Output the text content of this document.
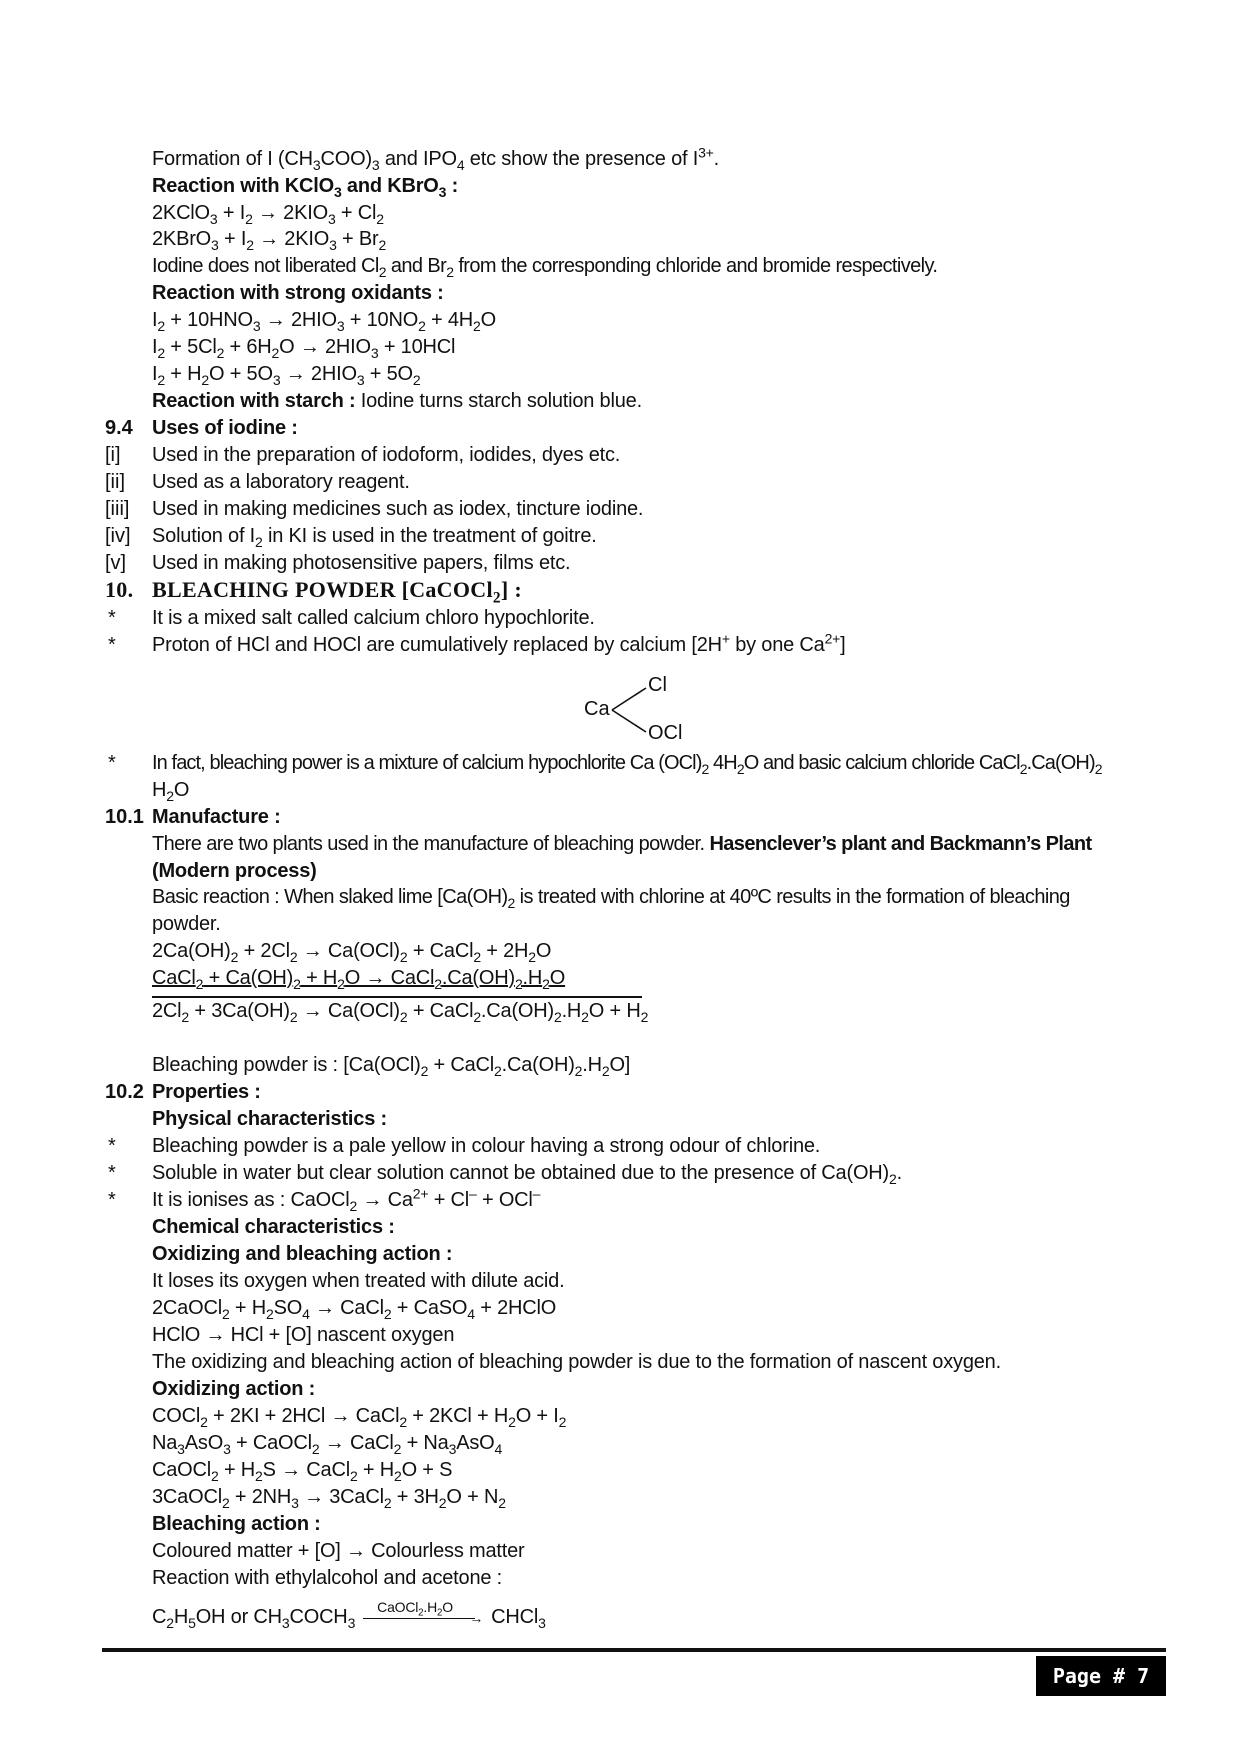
Formation of I $(CH_3COO)_3$ and $IPO_4$ etc show the presence of $I^{3+}$.
Reaction with KClO$_3$ and KBrO$_3$ :
2KClO$_3$ + $I_2 \to 2KIO_3 + Cl_2$
2KBrO$_3$ + $I_2 \to 2KIO_3 + Br_2$
Iodine does not liberated $Cl_2$ and $Br_2$ from the corresponding chloride and bromide respectively.
Reaction with strong oxidants :
$I_2 + 10HNO_3 \to 2HIO_3 + 10NO_2 + 4H_2O$
$I_2 + 5Cl_2 + 6H_2O \to 2HIO_3 + 10HCl$
$I_2 + H_2O + 5O_3 \to 2HIO_3 + 5O_2$
Reaction with starch : Iodine turns starch solution blue.
9.4 Uses of iodine :
[i] Used in the preparation of iodoform, iodides, dyes etc.
[ii] Used as a laboratory reagent.
[iii] Used in making medicines such as iodex, tincture iodine.
[iv] Solution of $I_2$ in KI is used in the treatment of goitre.
[v] Used in making photosensitive papers, films etc.
10. BLEACHING POWDER [CaCOCl$_2$] :
* It is a mixed salt called calcium chloro hypochlorite.
* Proton of HCl and HOCl are cumulatively replaced by calcium [2H+ by one $Ca^{2+}$]
Ca
Cl
OCl
* In fact, bleaching power is a mixture of calcium hypochlorite Ca $(OCl)_2$ $4H_2O$ and basic calcium chloride $CaCl_2.Ca(OH)_2$
$H_2O$
10.1 Manufacture :
There are two plants used in the manufacture of bleaching powder. Hasenclever’s plant and Backmann’s Plant
(Modern process)
Basic reaction : When slaked lime [$Ca(OH)_2$ is treated with chlorine at 40ºC results in the formation of bleaching
powder.
$2Ca(OH)_2 + 2Cl_2 \to Ca(OCl)_2$ + CaCl$_2$ + $2H_2O$
CaCl$_2$ + $Ca(OH)_2 + H_2O$ → $CaCl_2.Ca(OH)_2.H_2O$
$2Cl_2 + 3Ca(OH)_2 \to Ca(OCl)_2$ + $CaCl_2.Ca(OH)_2.H_2O + H_2$
Bleaching powder is : [$Ca(OCl)_2$ + $CaCl_2.Ca(OH)_2.H_2O$]
10.2 Properties :
Physical characteristics :
* Bleaching powder is a pale yellow in colour having a strong odour of chlorine.
* Soluble in water but clear solution cannot be obtained due to the presence of $Ca(OH)_2$.
* It is ionises as : CaOCl$_2$ → $Ca^{2+} + Cl^- + OCl^-$
Chemical characteristics :
Oxidizing and bleaching action :
It loses its oxygen when treated with dilute acid.
2CaOCl$_2$ + $H_2SO_4$ → CaCl$_2$ + CaSO$_4$ + 2HClO
HClO → HCl + [O] nascent oxygen
The oxidizing and bleaching action of bleaching powder is due to the formation of nascent oxygen.
Oxidizing action :
COCl$_2$ + 2KI + 2HCl → CaCl$_2$ + $2KCl + H_2O + I_2$
$Na_3AsO_3$ + CaOCl$_2$ → CaCl$_2$ + $Na_3AsO_4$
CaOCl$_2$ + $H_2S$ → CaCl$_2$ + $H_2O + S$
3CaOCl$_2$ + $2NH_3$ → 3CaCl$_2$ + $3H_2O + N_2$
Bleaching action :
Coloured matter + [O] → Colourless matter
Reaction with ethylalcohol and acetone :
$C_2H_5OH$ or $CH_3COCH_3$
$CaOCl_2.H_2O$
→ CHCl$_3$
Page # 7
